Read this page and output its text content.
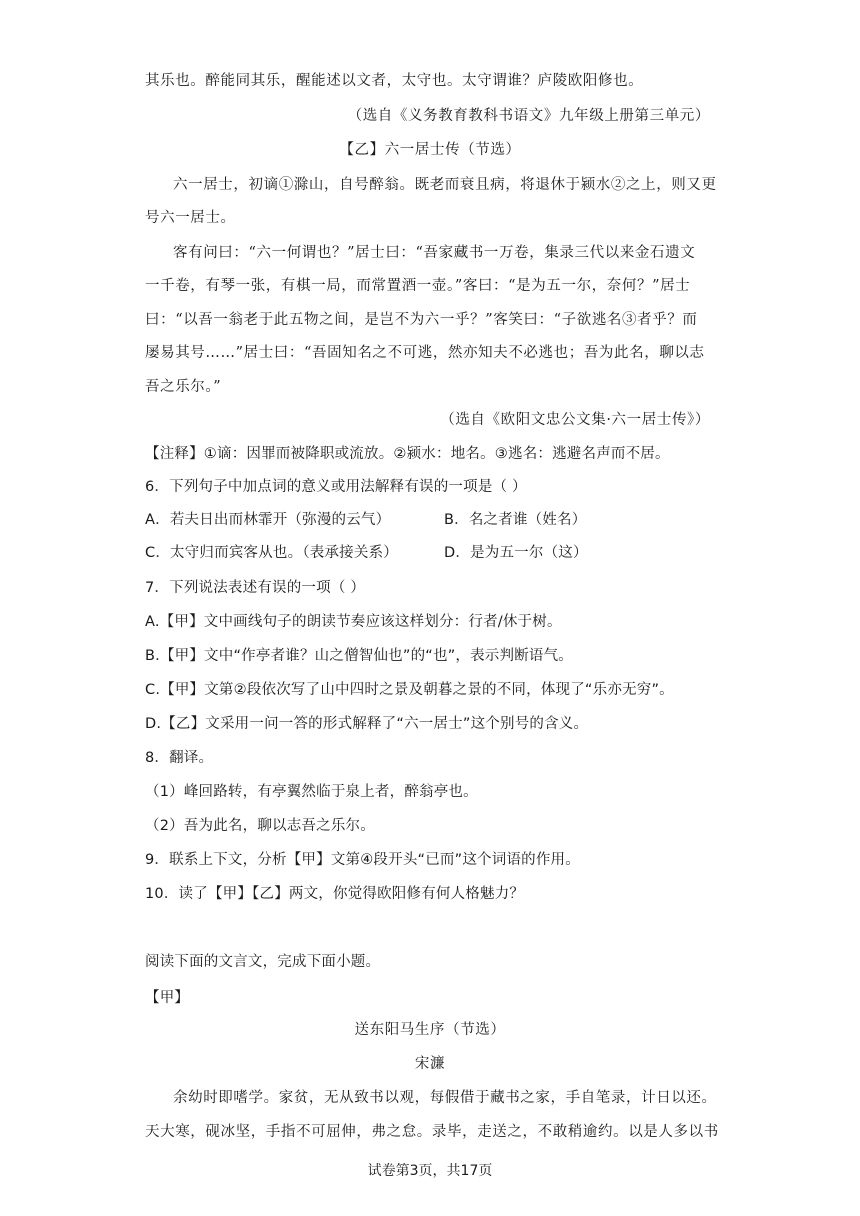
其乐也。醉能同其乐，醒能述以文者，太守也。太守谓谁？庐陵欧阳修也。
（选自《义务教育教科书语文》九年级上册第三单元）
【乙】六一居士传（节选）
六一居士，初谪①滁山，自号醉翁。既老而衰且病，将退休于颍水②之上，则又更
号六一居士。
客有问曰：“六一何谓也？”居士曰：“吾家藏书一万卷，集录三代以来金石遗文
一千卷，有琴一张，有棋一局，而常置酒一壶。”客曰：“是为五一尔，奈何？”居士
曰：“以吾一翁老于此五物之间，是岂不为六一乎？”客笑曰：“子欲逃名③者乎？而
屡易其号……”居士曰：“吾固知名之不可逃，然亦知夫不必逃也；吾为此名，聊以志
吾之乐尔。”
（选自《欧阳文忠公文集·六一居士传》）
【注释】①谪：因罪而被降职或流放。②颍水：地名。③逃名：逃避名声而不居。
6．下列句子中加点词的意义或用法解释有误的一项是（ ）
A．若夫日出而林霏开（弥漫的云气）	B．名之者谁（姓名）
C．太守归而宾客从也。（表承接关系）	D．是为五一尔（这）
7．下列说法表述有误的一项（ ）
A.【甲】文中画线句子的朗读节奏应该这样划分：行者/休于树。
B.【甲】文中“作亭者谁？山之僧智仙也”的“也”，表示判断语气。
C.【甲】文第②段依次写了山中四时之景及朝暮之景的不同，体现了“乐亦无穷”。
D.【乙】文采用一问一答的形式解释了“六一居士”这个别号的含义。
8．翻译。
（1）峰回路转，有亭翼然临于泉上者，醉翁亭也。
（2）吾为此名，聊以志吾之乐尔。
9．联系上下文，分析【甲】文第④段开头“已而”这个词语的作用。
10．读了【甲】【乙】两文，你觉得欧阳修有何人格魅力？
阅读下面的文言文，完成下面小题。
【甲】
送东阳马生序（节选）
宋濂
余幼时即嗜学。家贫，无从致书以观，每假借于藏书之家，手自笔录，计日以还。
天大寒，砚冰坚，手指不可屈伸，弗之怠。录毕，走送之，不敢稍逾约。以是人多以书
试卷第3页，共17页
